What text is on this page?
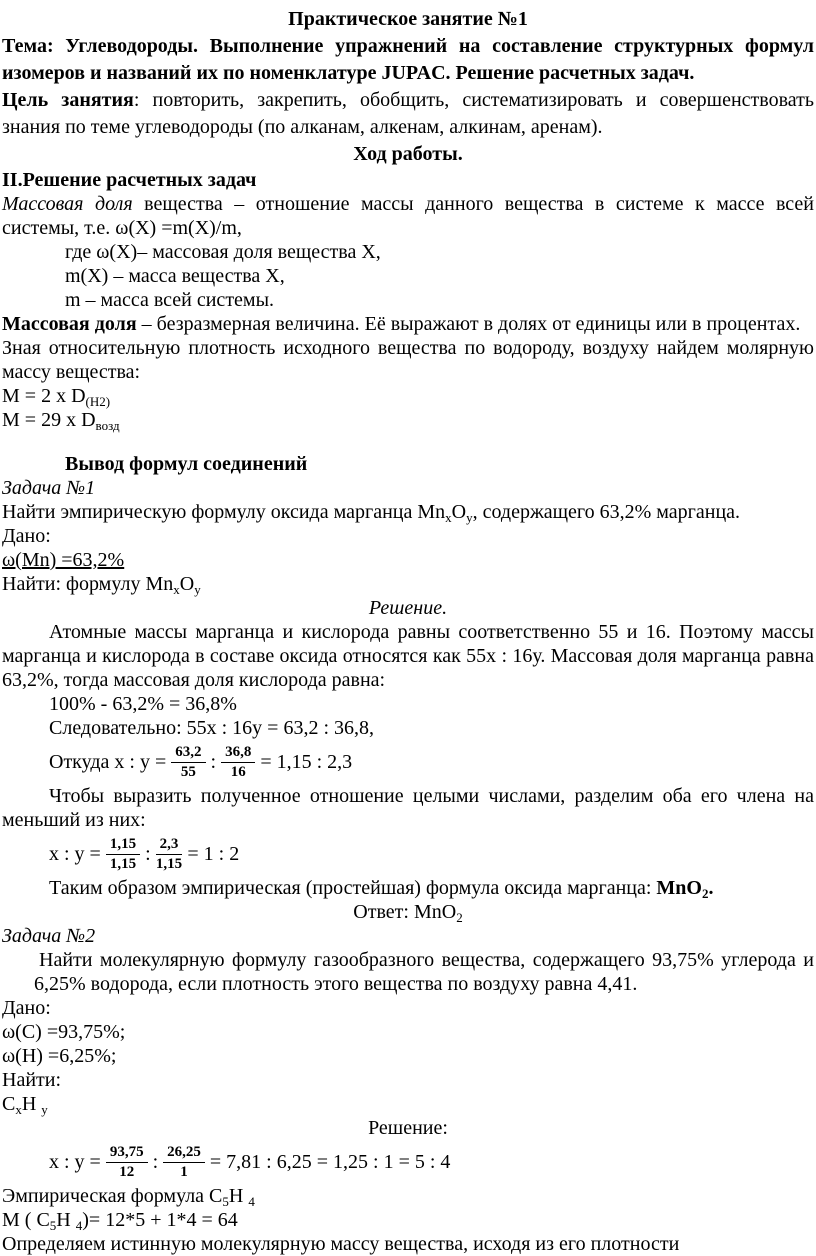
Практическое занятие №1

Тема: Углеводороды. Выполнение упражнений на составление структурных формул изомеров и названий их по номенклатуре JUPAC. Решение расчетных задач.

Цель занятия: повторить, закрепить, обобщить, систематизировать и совершенствовать знания по теме углеводороды (по алканам, алкенам, алкинам, аренам).

Ход работы.

II.Решение расчетных задач

Массовая доля вещества – отношение массы данного вещества в системе к массе всей системы, т.е. ω(X) =m(X)/m,

где ω(X)– массовая доля вещества X,

m(X) – масса вещества X,

m – масса всей системы.

Массовая доля – безразмерная величина. Её выражают в долях от единицы или в процентах.

Зная относительную плотность исходного вещества по водороду, воздуху найдем молярную массу вещества:

М = 2 х $D_{(H2)}$

М = 29 х $D_{возд}$

Вывод формул соединений

Задача №1

Найти эмпирическую формулу оксида марганца $Mn_xO_y$, содержащего 63,2% марганца.

Дано:

ω(Mn) =63,2%

Найти: формулу $Mn_xO_y$

Решение.

Атомные массы марганца и кислорода равны соответственно 55 и 16. Поэтому массы марганца и кислорода в составе оксида относятся как 55х : 16у. Массовая доля марганца равна 63,2%, тогда массовая доля кислорода равна:

100% - 63,2% = 36,8%

Следовательно: 55х : 16у = 63,2 : 36,8,

Откуда х : $у = \frac{63,2}{55}$ : $\frac{36,8}{16} = 1,15$ : 2,3

Чтобы выразить полученное отношение целыми числами, разделим оба его члена на меньший из них:

х : $у = \frac{1,15}{1,15}$ : $\frac{2,3}{1,15} = 1$ : 2

Таким образом эмпирическая (простейшая) формула оксида марганца: MnO$_2$.

Ответ: MnO$_2$

Задача №2

Найти молекулярную формулу газообразного вещества, содержащего 93,75% углерода и 6,25% водорода, если плотность этого вещества по воздуху равна 4,41.

Дано:

ω(C) =93,75%;

ω(H) =6,25%;

Найти:

$C_xH$ $_y$

Решение:

х : $у = \frac{93,75}{12}$ : $\frac{26,25}{1} = 7,81$ : 6,25 = 1,25 : 1 = 5 : 4

Эмпирическая формула $C_5H$ $_4$

М ( $C_5H$ $_4$)= 12*5 + 1*4 = 64

Определяем истинную молекулярную массу вещества, исходя из его плотности
